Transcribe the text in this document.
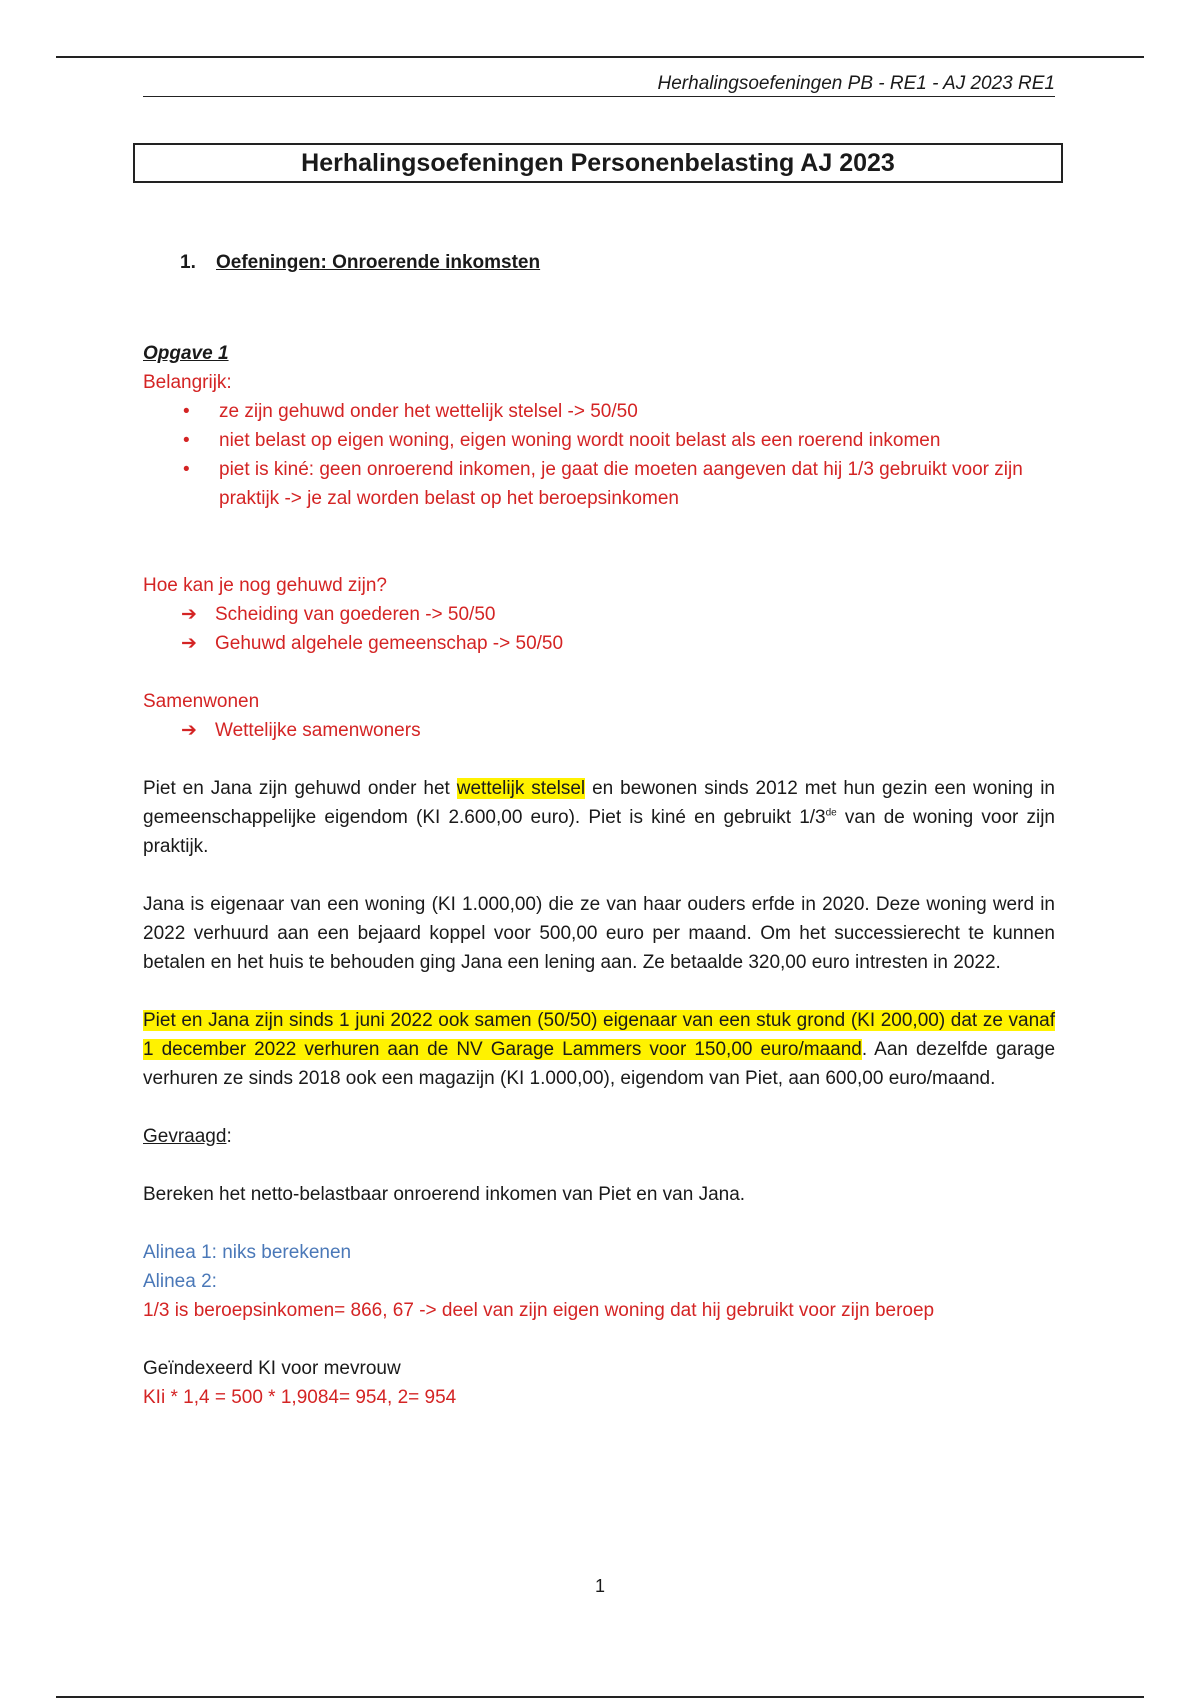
Herhalingsoefeningen PB - RE1 - AJ 2023 RE1
Herhalingsoefeningen Personenbelasting AJ 2023
1. Oefeningen: Onroerende inkomsten

Opgave 1

Belangrijk:

• ze zijn gehuwd onder het wettelijk stelsel -> 50/50
• niet belast op eigen woning, eigen woning wordt nooit belast als een roerend inkomen
• piet is kiné: geen onroerend inkomen, je gaat die moeten aangeven dat hij 1/3 gebruikt voor zijn praktijk -> je zal worden belast op het beroepsinkomen

Hoe kan je nog gehuwd zijn?

➔ Scheiding van goederen -> 50/50
➔ Gehuwd algehele gemeenschap -> 50/50

Samenwonen

➔ Wettelijke samenwoners

Piet en Jana zijn gehuwd onder het wettelijk stelsel en bewonen sinds 2012 met hun gezin een woning in gemeenschappelijke eigendom (KI 2.600,00 euro). Piet is kiné en gebruikt 1/3de van de woning voor zijn praktijk.

Jana is eigenaar van een woning (KI 1.000,00) die ze van haar ouders erfde in 2020. Deze woning werd in 2022 verhuurd aan een bejaard koppel voor 500,00 euro per maand. Om het successierecht te kunnen betalen en het huis te behouden ging Jana een lening aan. Ze betaalde 320,00 euro intresten in 2022.

Piet en Jana zijn sinds 1 juni 2022 ook samen (50/50) eigenaar van een stuk grond (KI 200,00) dat ze vanaf 1 december 2022 verhuren aan de NV Garage Lammers voor 150,00 euro/maand. Aan dezelfde garage verhuren ze sinds 2018 ook een magazijn (KI 1.000,00), eigendom van Piet, aan 600,00 euro/maand.

Gevraagd:

Bereken het netto-belastbaar onroerend inkomen van Piet en van Jana.

Alinea 1: niks berekenen

Alinea 2:

1/3 is beroepsinkomen= 866, 67 -> deel van zijn eigen woning dat hij gebruikt voor zijn beroep

Geïndexeerd KI voor mevrouw

KIi * 1,4 = 500 * 1,9084= 954, 2= 954

1
